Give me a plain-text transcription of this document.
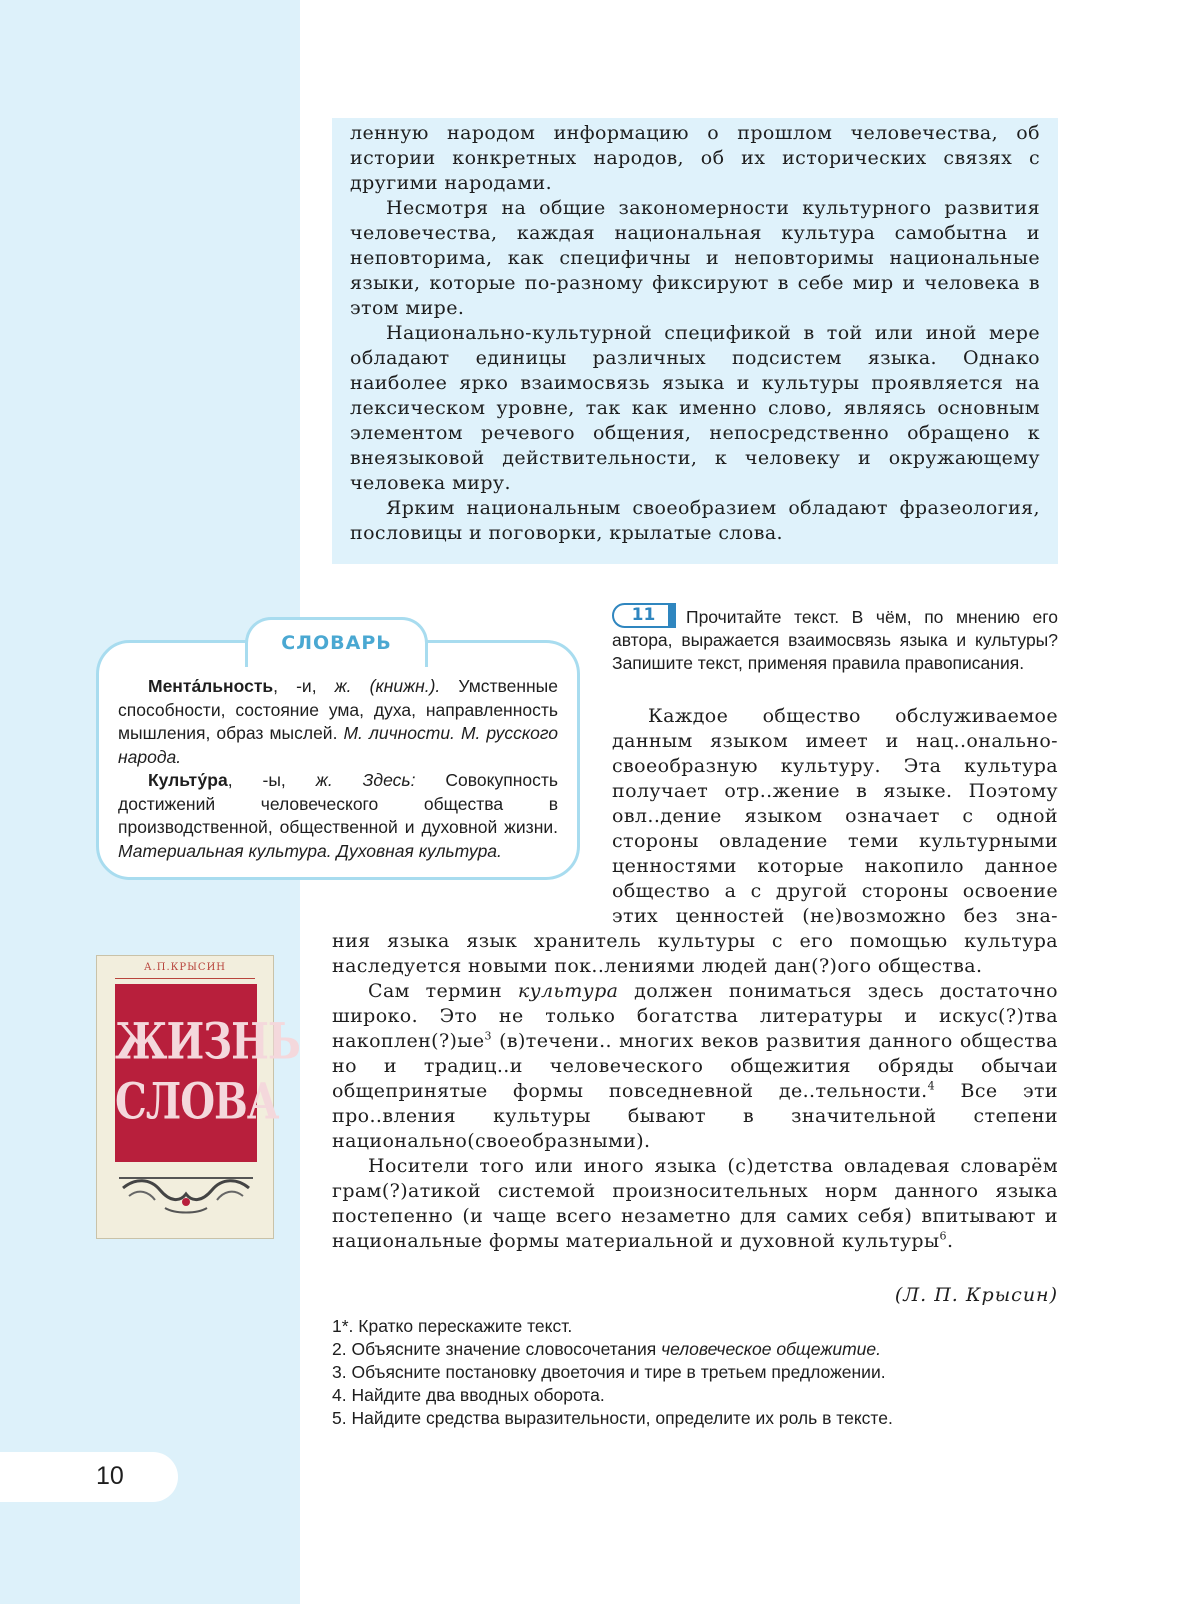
ленную народом информацию о прошлом человечества, об истории конкретных народов, об их исторических связях с другими народами.

Несмотря на общие закономерности культурного развития человечества, каждая национальная культура самобытна и неповторима, как специфичны и неповторимы национальные языки, которые по-разному фиксируют в себе мир и человека в этом мире.

Национально-культурной спецификой в той или иной мере обладают единицы различных подсистем языка. Однако наиболее ярко взаимосвязь языка и культуры проявляется на лексическом уровне, так как именно слово, являясь основным элементом речевого общения, непосредственно обращено к внеязыковой действительности, к человеку и окружающему человека миру.

Ярким национальным своеобразием обладают фразеология, пословицы и поговорки, крылатые слова.

СЛОВАРЬ

Мента́льность, -и, ж. (книжн.). Умственные способности, состояние ума, духа, направленность мышления, образ мыслей. М. личности. М. русского народа.

Культу́ра, -ы, ж. Здесь: Совокупность достижений человеческого общества в производственной, общественной и духовной жизни. Материальная культура. Духовная культура.

А.П.КРЫСИН
ЖИЗНЬ
СЛОВА
11	Прочитайте текст. В чём, по мнению его автора, выражается взаимосвязь языка и культуры? Запишите текст, применяя правила правописания.

Каждое общество обслуживаемое данным языком имеет и нац..онально-своеобразную культуру. Эта культура получает отр..жение в языке. Поэтому овл..дение языком означает с одной стороны овладение теми культурными ценностями которые накопило данное общество а с другой стороны освоение этих ценностей (не)возможно без зна-

ния языка язык хранитель культуры с его помощью культура наследуется новыми пок..лениями людей дан(?)ого общества.

Сам термин культура должен пониматься здесь достаточно широко. Это не только богатства литературы и искус(?)тва $накоплен(?)ые^3$ (в)течени.. многих веков развития данного общества но и традиц..и человеческого общежития обряды обычаи общепринятые формы повседневной де..тельности.$^4$ Все эти про..вления культуры бывают в значительной степени национально(своеобразными).

Носители того или иного языка (с)детства овладевая словарём грам(?)атикой системой произносительных норм данного языка постепенно (и чаще всего незаметно для самих себя) впитывают и национальные формы материальной и духовной культуры$^6$.

(Л. П. Крысин)
1*. Кратко перескажите текст.
2. Объясните значение словосочетания человеческое общежитие.
3. Объясните постановку двоеточия и тире в третьем предложении.
4. Найдите два вводных оборота.
5. Найдите средства выразительности, определите их роль в тексте.
10
